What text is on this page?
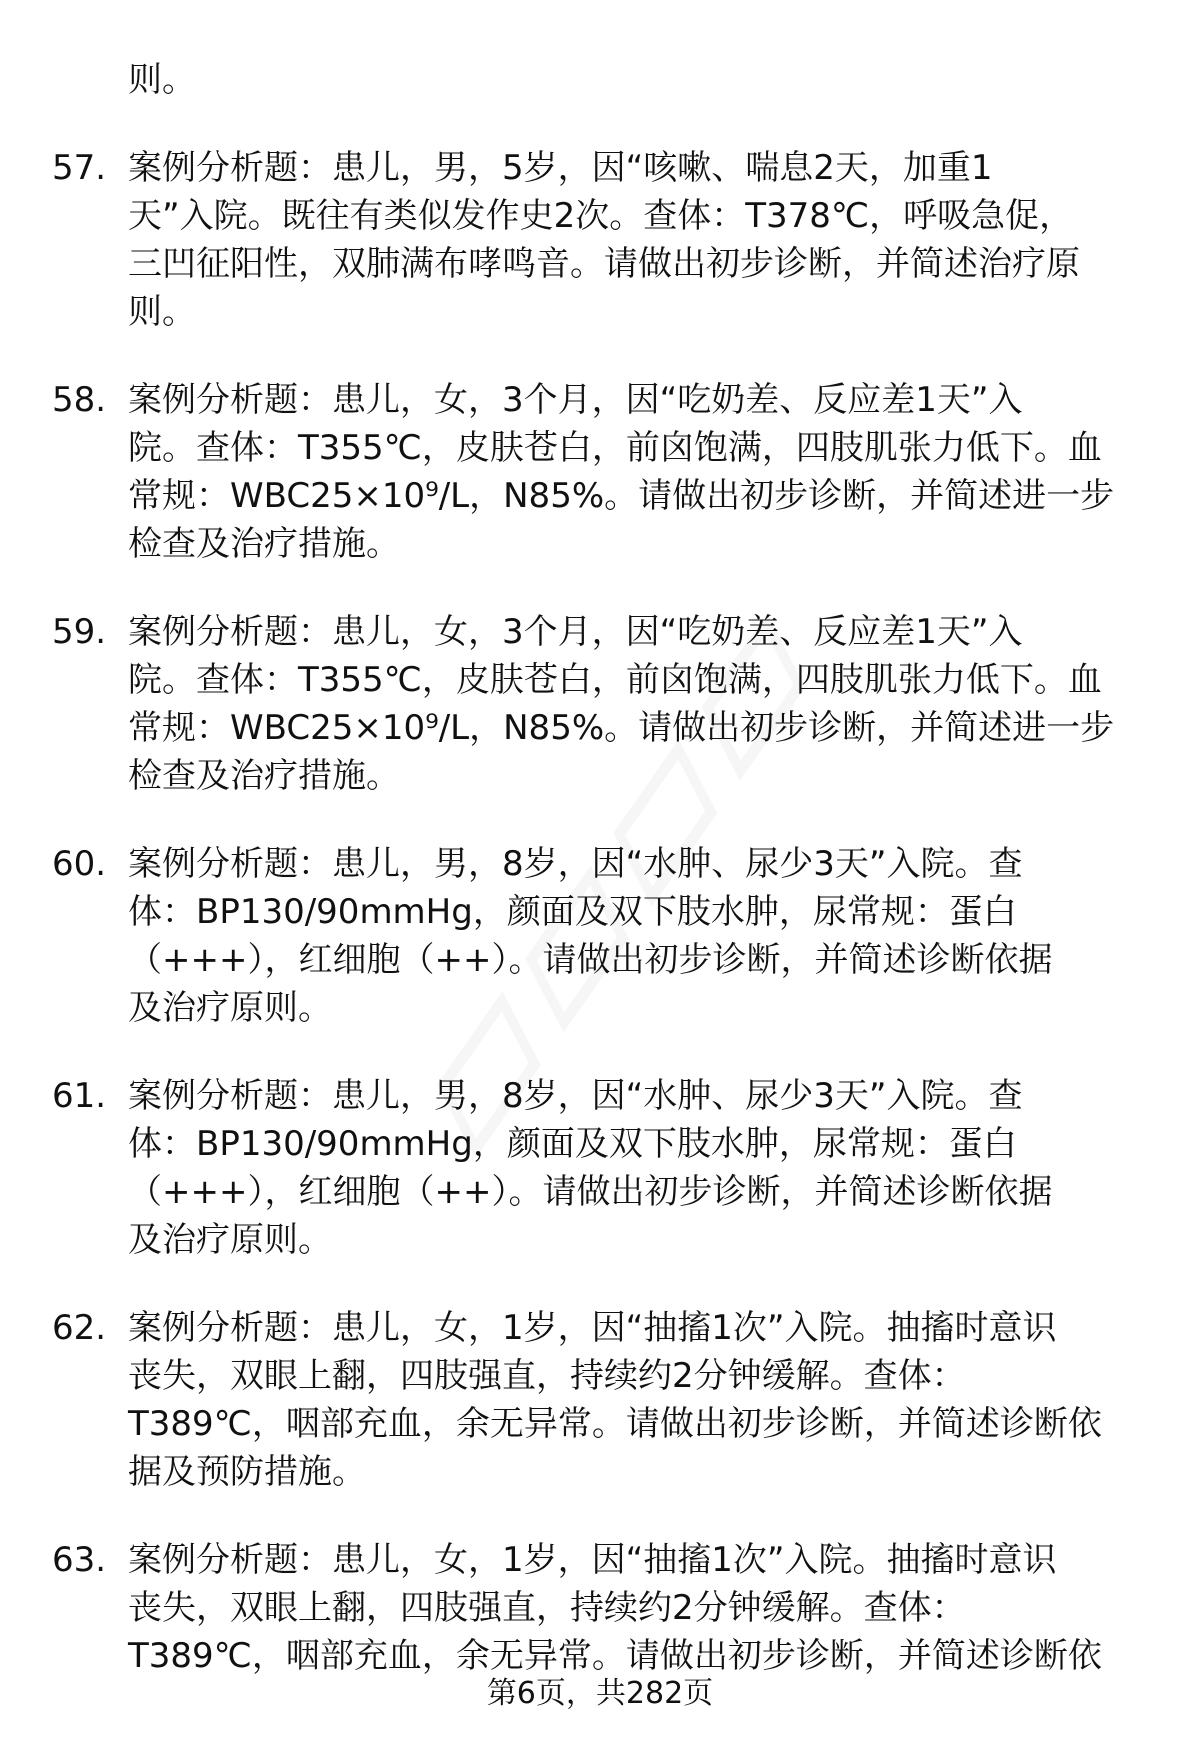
则。
57. 案例分析题：患儿，男，5岁，因“咳嗽、喘息2天，加重1
天”入院。既往有类似发作史2次。查体：T378℃，呼吸急促，
三凹征阳性，双肺满布哮鸣音。请做出初步诊断，并简述治疗原
则。
58. 案例分析题：患儿，女，3个月，因“吃奶差、反应差1天”入
院。查体：T355℃，皮肤苍白，前囟饱满，四肢肌张力低下。血
常规：WBC25×10⁹/L，N85%。请做出初步诊断，并简述进一步
检查及治疗措施。
59. 案例分析题：患儿，女，3个月，因“吃奶差、反应差1天”入
院。查体：T355℃，皮肤苍白，前囟饱满，四肢肌张力低下。血
常规：WBC25×10⁹/L，N85%。请做出初步诊断，并简述进一步
检查及治疗措施。
60. 案例分析题：患儿，男，8岁，因“水肿、尿少3天”入院。查
体：BP130/90mmHg，颜面及双下肢水肿，尿常规：蛋白
（+++），红细胞（++）。请做出初步诊断，并简述诊断依据
及治疗原则。
61. 案例分析题：患儿，男，8岁，因“水肿、尿少3天”入院。查
体：BP130/90mmHg，颜面及双下肢水肿，尿常规：蛋白
（+++），红细胞（++）。请做出初步诊断，并简述诊断依据
及治疗原则。
62. 案例分析题：患儿，女，1岁，因“抽搐1次”入院。抽搐时意识
丧失，双眼上翻，四肢强直，持续约2分钟缓解。查体：
T389℃，咽部充血，余无异常。请做出初步诊断，并简述诊断依
据及预防措施。
63. 案例分析题：患儿，女，1岁，因“抽搐1次”入院。抽搐时意识
丧失，双眼上翻，四肢强直，持续约2分钟缓解。查体：
T389℃，咽部充血，余无异常。请做出初步诊断，并简述诊断依
第6页，共282页
